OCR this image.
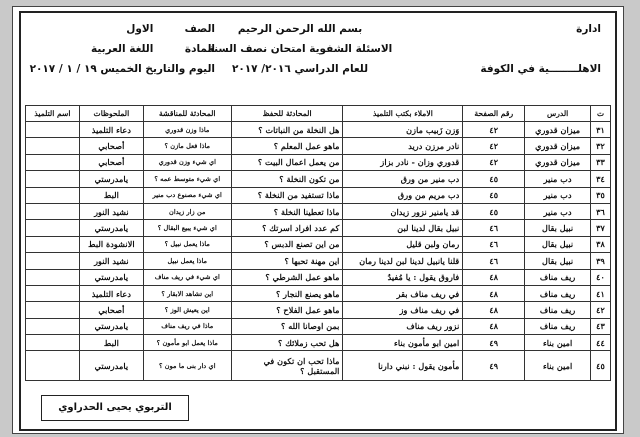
ادارة
الاهلــــــــية في الكوفة
بسم الله الرحمن الرحيم
الاسئلة الشفوية امتحان نصف السنة
للعام الدراسي ٢٠١٦/ ٢٠١٧
الصف الاول
المادة اللغة العربية
اليوم والتاريخ الخميس ١٩ / ١ / ٢٠١٧
ت	الدرس	رقم الصفحة	الاملاء بكتب التلميذ	المحادثة للحفظ	المحادثة للمناقشة	الملحوظات	اسم التلميذ
٣١	ميزان قدوري	٤٢	وَزن زَبيب مازن	هل النخلة من النباتات ؟	ماذا وزن قدوري	دعاء التلميذ	
٣٢	ميزان قدوري	٤٢	نادر مرزن دريد	ماهو عمل المعلم ؟	ماذا فعل مازن ؟	أصحابي	
٣٣	ميزان قدوري	٤٢	قدوري وزان - نادر بزاز	من يعمل اعمال البيت ؟	اي شيء وزن قدوري	أصحابي	
٣٤	دب منير	٤٥	دب منير من ورق	من تكون النخلة ؟	اي شيء متوسط عمه ؟	يامدرستي	
٣٥	دب منير	٤٥	دب مريم من ورق	ماذا تستفيد من النخلة ؟	اي شيء مصنوع دب منير	البط	
٣٦	دب منير	٤٥	قد يامنير نزور زيدان	ماذا تعطينا النخلة ؟	من زار زيدان	نشيد النور	
٣٧	نبيل بقال	٤٦	نبيل بقال لدينا لبن	كم عدد افراد اسرتك ؟	اي شيء يبيع البقال ؟	يامدرستي	
٣٨	نبيل بقال	٤٦	رمان ولبن قليل	من اين تصنع الدبس ؟	ماذا يعمل نبيل ؟	الانشودة البط	
٣٩	نبيل بقال	٤٦	قلنا يانبيل لدينا لبن لدينا رمان	اين مهنة تحبها ؟	ماذا يعمل نبيل	نشيد النور	
٤٠	ريف مناف	٤٨	فاروق يقول : يا مُفيدُ	ماهو عمل الشرطي ؟	اي شيء في ريف مناف	يامدرستي	
٤١	ريف مناف	٤٨	في ريف مناف بقر	ماهو يصنع النجار ؟	اين تشاهد الابقار ؟	دعاء التلميذ	
٤٢	ريف مناف	٤٨	في ريف مناف وز	ماهو عمل الفلاح ؟	اين يعيش الوز ؟	أصحابي	
٤٣	ريف مناف	٤٨	نزور ريف مناف	بمن اوصانا الله ؟	ماذا في ريف مناف	يامدرستي	
٤٤	امين بناء	٤٩	امين ابو مأمون بناء	هل تحب زملائك ؟	ماذا يعمل ابو مأمون ؟	البط	
٤٥	امين بناء	٤٩	مأمون يقول : نبني دارنا	ماذا تحب ان تكون في المستقبل ؟	اي دار بنى ما مون ؟	يامدرستي	
التربوي يحيى الحدراوي
